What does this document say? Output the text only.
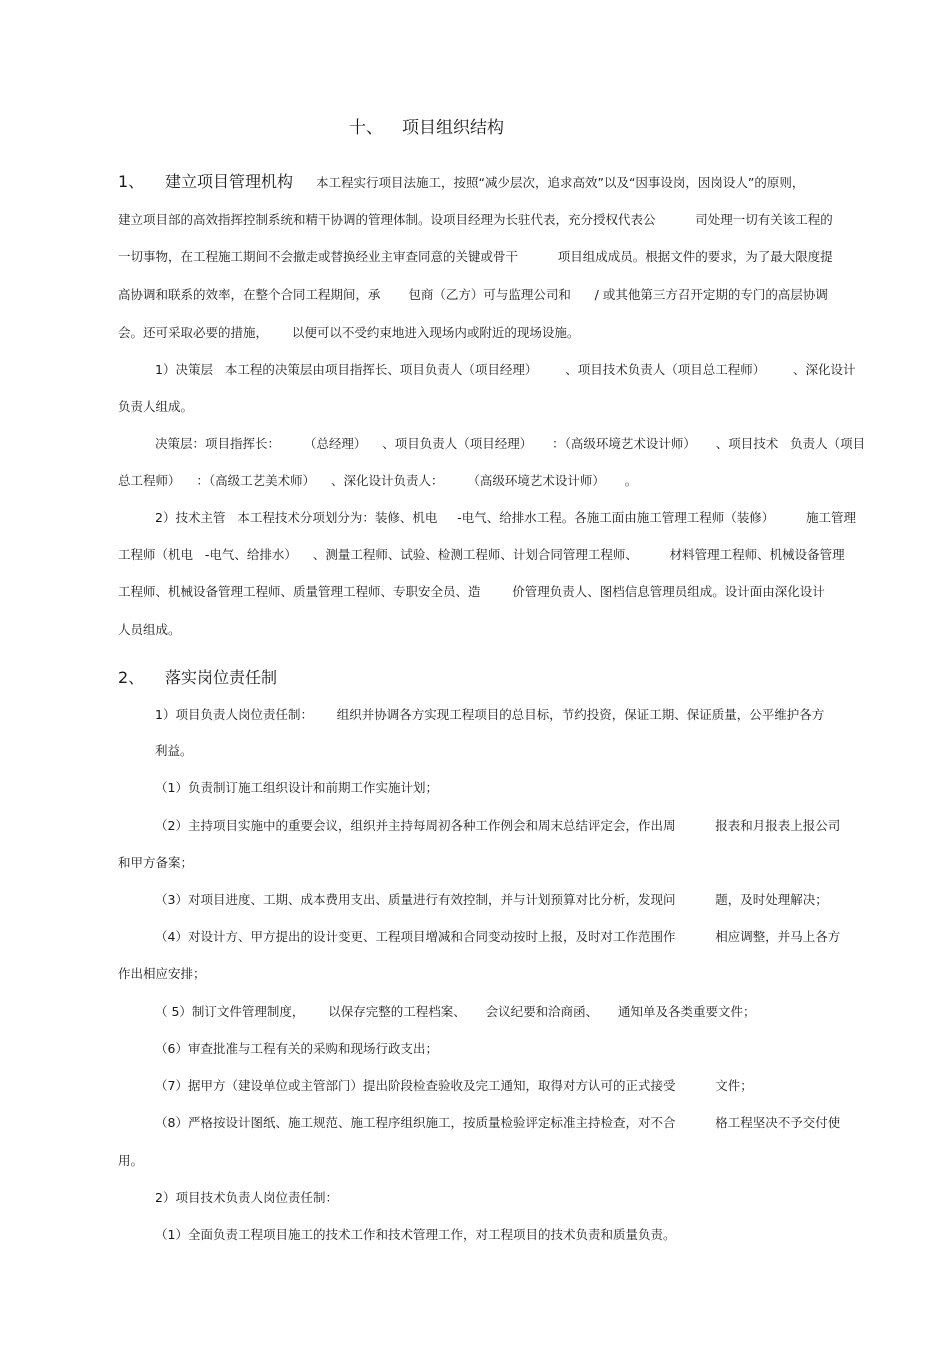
十、 项目组织结构
1、 建立项目管理机构 本工程实行项目法施工，按照“减少层次，追求高效”以及“因事设岗，因岗设人”的原则，
建立项目部的高效指挥控制系统和精干协调的管理体制。设项目经理为长驻代表，充分授权代表公          司处理一切有关该工程的
一切事物，在工程施工期间不会撤走或替换经业主审查同意的关键或骨干          项目组成成员。根据文件的要求，为了最大限度提
高协调和联系的效率，在整个合同工程期间，承       包商（乙方）可与监理公司和      / 或其他第三方召开定期的专门的高层协调
会。还可采取必要的措施，      以便可以不受约束地进入现场内或附近的现场设施。
1）决策层   本工程的决策层由项目指挥长、项目负责人（项目经理）       、项目技术负责人（项目总工程师）       、深化设计
负责人组成。
决策层：项目指挥长：      （总经理）    、项目负责人（项目经理）     ：（高级环境艺术设计师）     、项目技术   负责人（项目
总工程师）    ：（高级工艺美术师）    、深化设计负责人：      （高级环境艺术设计师）     。
2）技术主管   本工程技术分项划分为：装修、机电     -电气、给排水工程。各施工面由施工管理工程师（装修）        施工管理
工程师（机电   -电气、给排水）    、测量工程师、试验、检测工程师、计划合同管理工程师、        材料管理工程师、机械设备管理
工程师、机械设备管理工程师、质量管理工程师、专职安全员、造        价管理负责人、图档信息管理员组成。设计面由深化设计
人员组成。
2、 落实岗位责任制
1）项目负责人岗位责任制：      组织并协调各方实现工程项目的总目标，节约投资，保证工期、保证质量，公平维护各方
利益。
（1）负责制订施工组织设计和前期工作实施计划；
（2）主持项目实施中的重要会议，组织并主持每周初各种工作例会和周末总结评定会，作出周          报表和月报表上报公司
和甲方备案；
（3）对项目进度、工期、成本费用支出、质量进行有效控制，并与计划预算对比分析，发现问          题，及时处理解决；
（4）对设计方、甲方提出的设计变更、工程项目增减和合同变动按时上报，及时对工作范围作          相应调整，并马上各方
作出相应安排；
（ 5）制订文件管理制度，      以保存完整的工程档案、     会议纪要和洽商函、     通知单及各类重要文件；
（6）审查批准与工程有关的采购和现场行政支出；
（7）据甲方（建设单位或主管部门）提出阶段检查验收及完工通知，取得对方认可的正式接受          文件；
（8）严格按设计图纸、施工规范、施工程序组织施工，按质量检验评定标准主持检查，对不合          格工程坚决不予交付使
用。
2）项目技术负责人岗位责任制：
（1）全面负责工程项目施工的技术工作和技术管理工作，对工程项目的技术负责和质量负责。
